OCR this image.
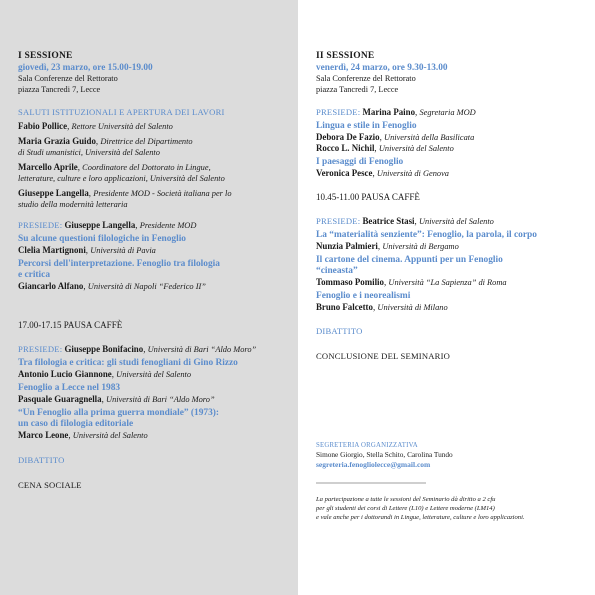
I SESSIONE
giovedì, 23 marzo, ore 15.00-19.00
Sala Conferenze del Rettorato
piazza Tancredi 7, Lecce
SALUTI ISTITUZIONALI E APERTURA DEI LAVORI
Fabio Pollice, Rettore Università del Salento
Maria Grazia Guido, Direttrice del Dipartimento
di Studi umanistici, Università del Salento
Marcello Aprile, Coordinatore del Dottorato in Lingue,
letterature, culture e loro applicazioni, Università del Salento
Giuseppe Langella, Presidente MOD - Società italiana per lo
studio della modernità letteraria
PRESIEDE: Giuseppe Langella, Presidente MOD
Su alcune questioni filologiche in Fenoglio
Clelia Martignoni, Università di Pavia
Percorsi dell'interpretazione. Fenoglio tra filologia
e critica
Giancarlo Alfano, Università di Napoli “Federico II”
17.00-17.15 PAUSA CAFFÈ
PRESIEDE: Giuseppe Bonifacino, Università di Bari “Aldo Moro”
Tra filologia e critica: gli studi fenogliani di Gino Rizzo
Antonio Lucio Giannone, Università del Salento
Fenoglio a Lecce nel 1983
Pasquale Guaragnella, Università di Bari “Aldo Moro”
“Un Fenoglio alla prima guerra mondiale” (1973):
un caso di filologia editoriale
Marco Leone, Università del Salento
DIBATTITO
CENA SOCIALE
II SESSIONE
venerdì, 24 marzo, ore 9.30-13.00
Sala Conferenze del Rettorato
piazza Tancredi 7, Lecce
PRESIEDE: Marina Paino, Segretaria MOD
Lingua e stile in Fenoglio
Debora De Fazio, Università della Basilicata
Rocco L. Nichil, Università del Salento
I paesaggi di Fenoglio
Veronica Pesce, Università di Genova
10.45-11.00 PAUSA CAFFÈ
PRESIEDE: Beatrice Stasi, Università del Salento
La “materialità senziente”: Fenoglio, la parola, il corpo
Nunzia Palmieri, Università di Bergamo
Il cartone del cinema. Appunti per un Fenoglio
“cineasta”
Tommaso Pomilio, Università “La Sapienza” di Roma
Fenoglio e i neorealismi
Bruno Falcetto, Università di Milano
DIBATTITO
CONCLUSIONE DEL SEMINARIO
SEGRETERIA ORGANIZZATIVA
Simone Giorgio, Stella Schito, Carolina Tundo
segreteria.fenogliolecce@gmail.com
La partecipazione a tutte le sessioni del Seminario dà diritto a 2 cfu
per gli studenti dei corsi di Lettere (L10) e Lettere moderne (LM14)
e vale anche per i dottorandi in Lingue, letterature, culture e loro applicazioni.
